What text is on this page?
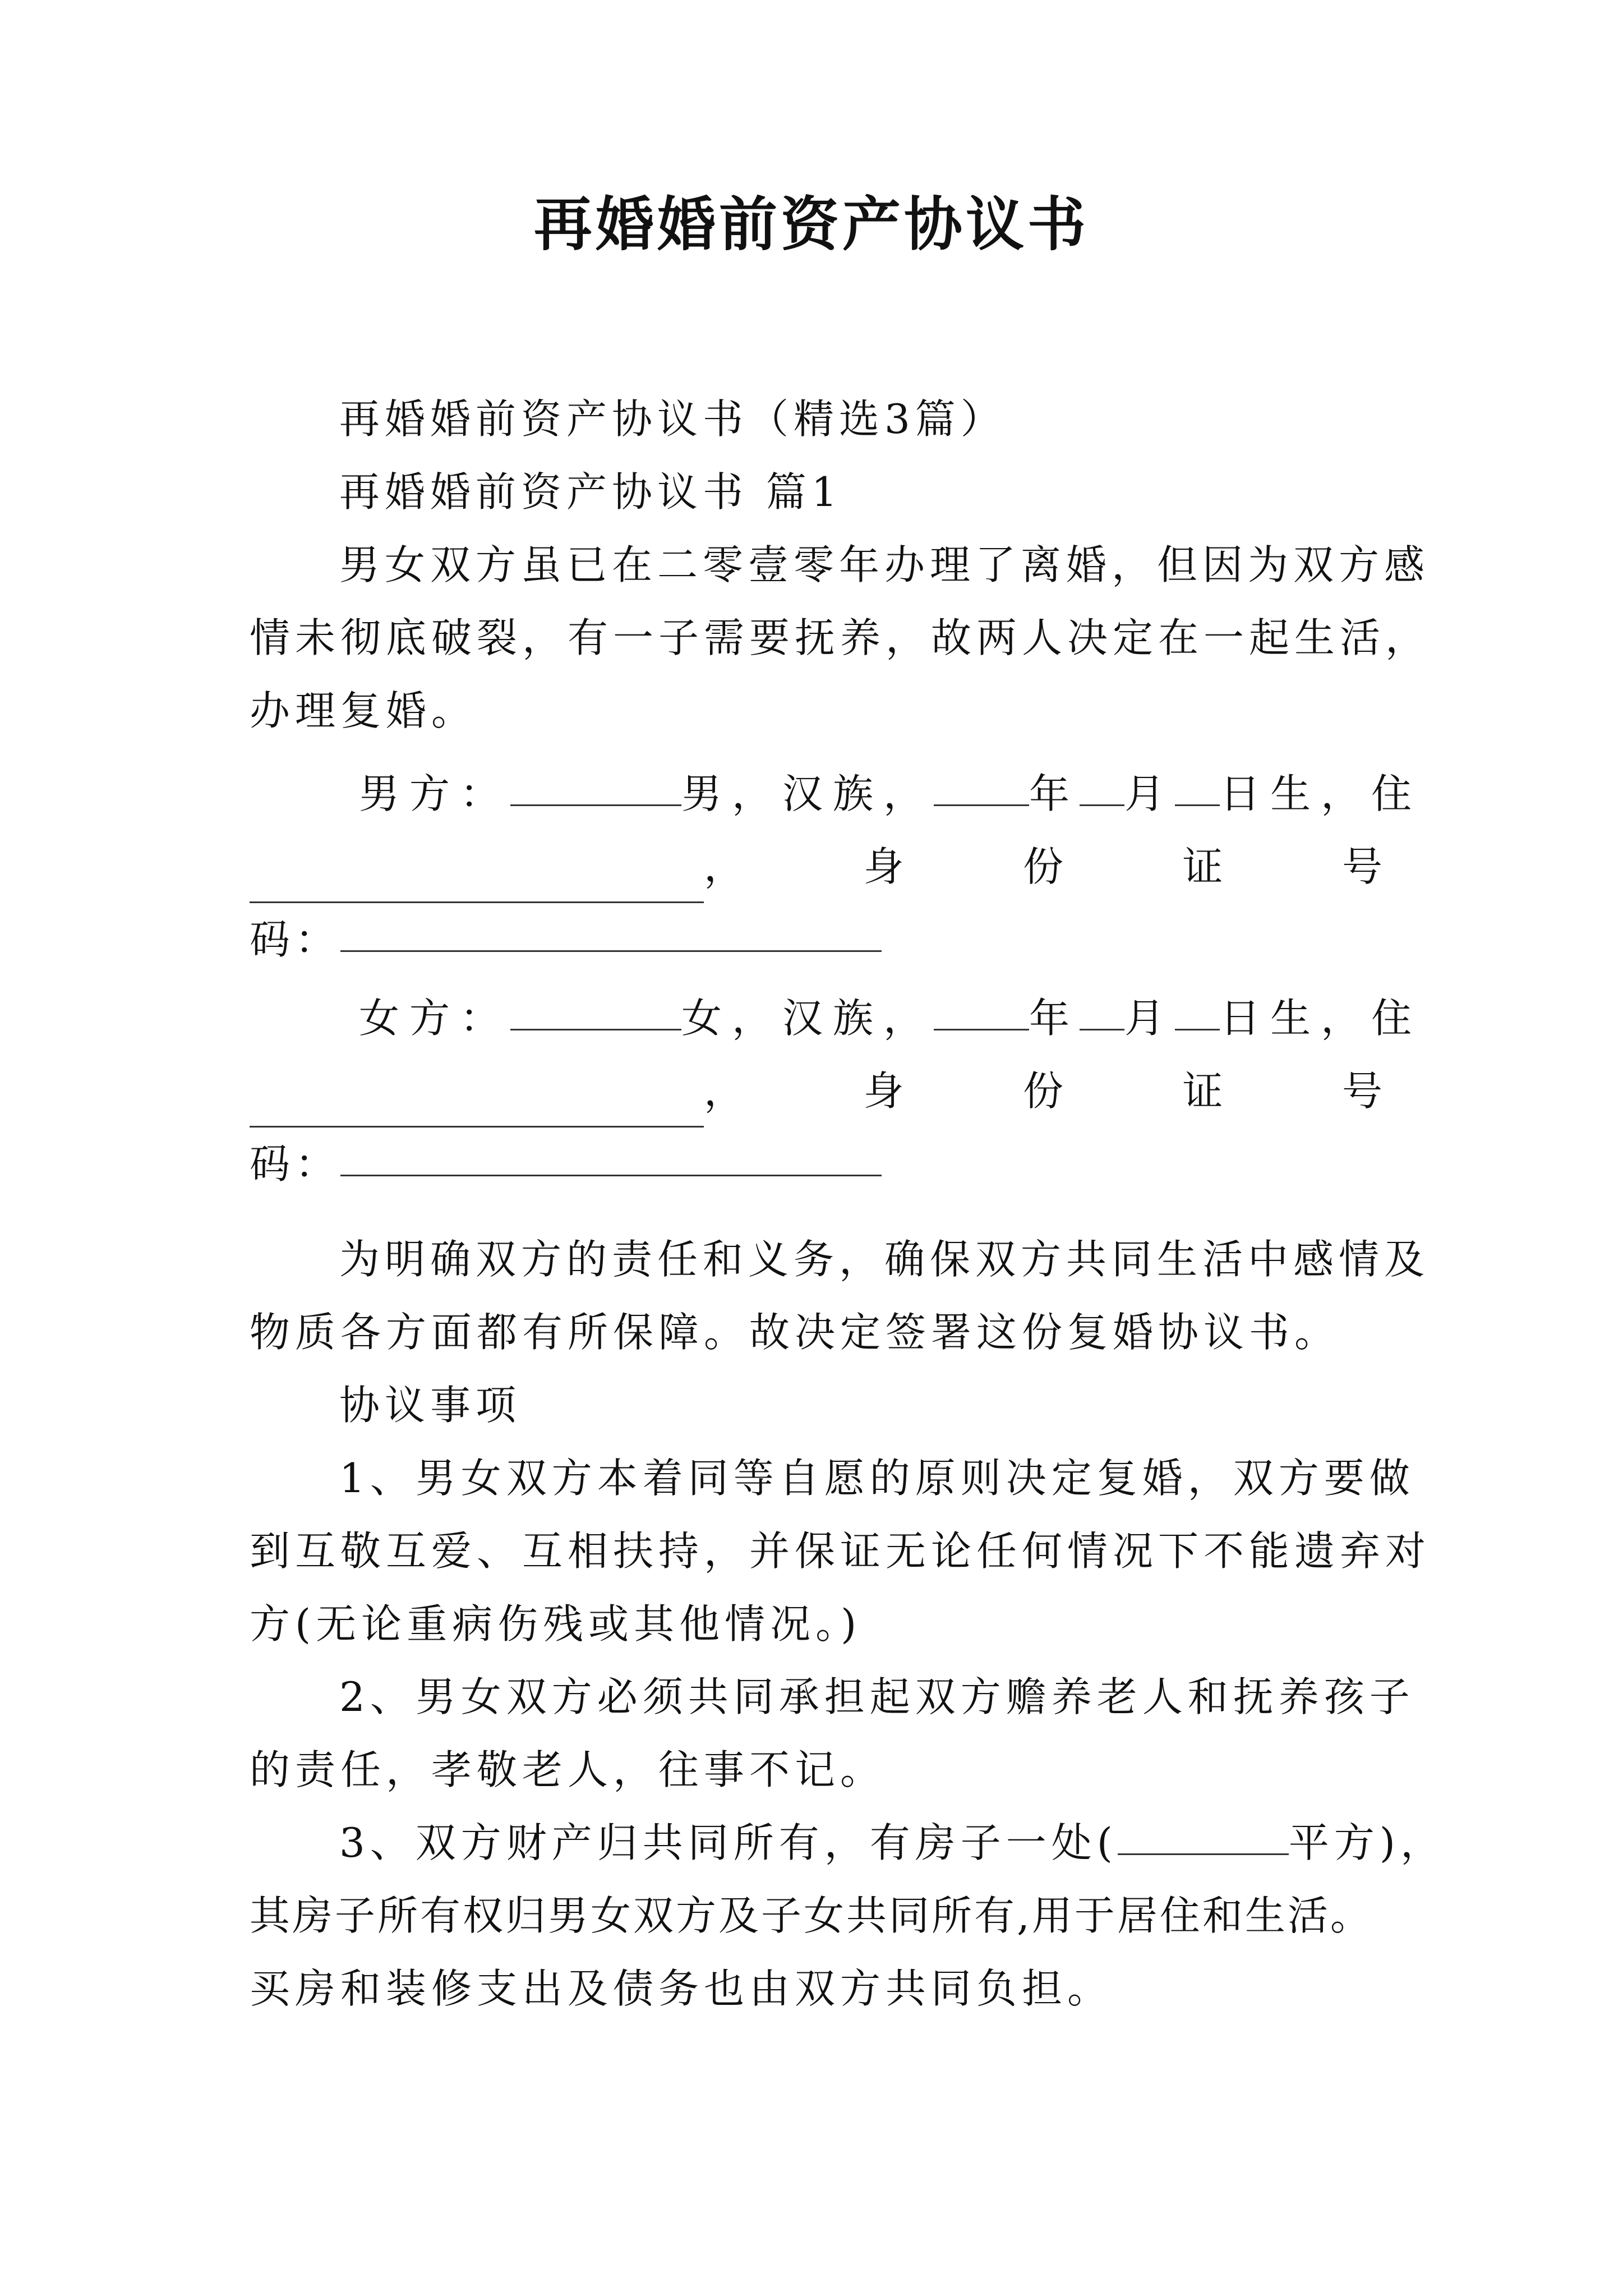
再婚婚前资产协议书
再婚婚前资产协议书（精选3篇）
再婚婚前资产协议书 篇1
男女双方虽已在二零壹零年办理了离婚，但因为双方感
情未彻底破裂，有一子需要抚养，故两人决定在一起生活，
办理复婚。
男方：	男，汉族， 年 月 日生，住
，	身	份	证	号
码：
女方：	女，汉族， 年 月 日生，住
，	身	份	证	号
码：
为明确双方的责任和义务，确保双方共同生活中感情及
物质各方面都有所保障。故决定签署这份复婚协议书。
协议事项
1、男女双方本着同等自愿的原则决定复婚，双方要做
到互敬互爱、互相扶持，并保证无论任何情况下不能遗弃对
方(无论重病伤残或其他情况。)
2、男女双方必须共同承担起双方赡养老人和抚养孩子
的责任，孝敬老人，往事不记。
3、双方财产归共同所有，有房子一处(	平方)，
其房子所有权归男女双方及子女共同所有,用于居住和生活。
买房和装修支出及债务也由双方共同负担。
